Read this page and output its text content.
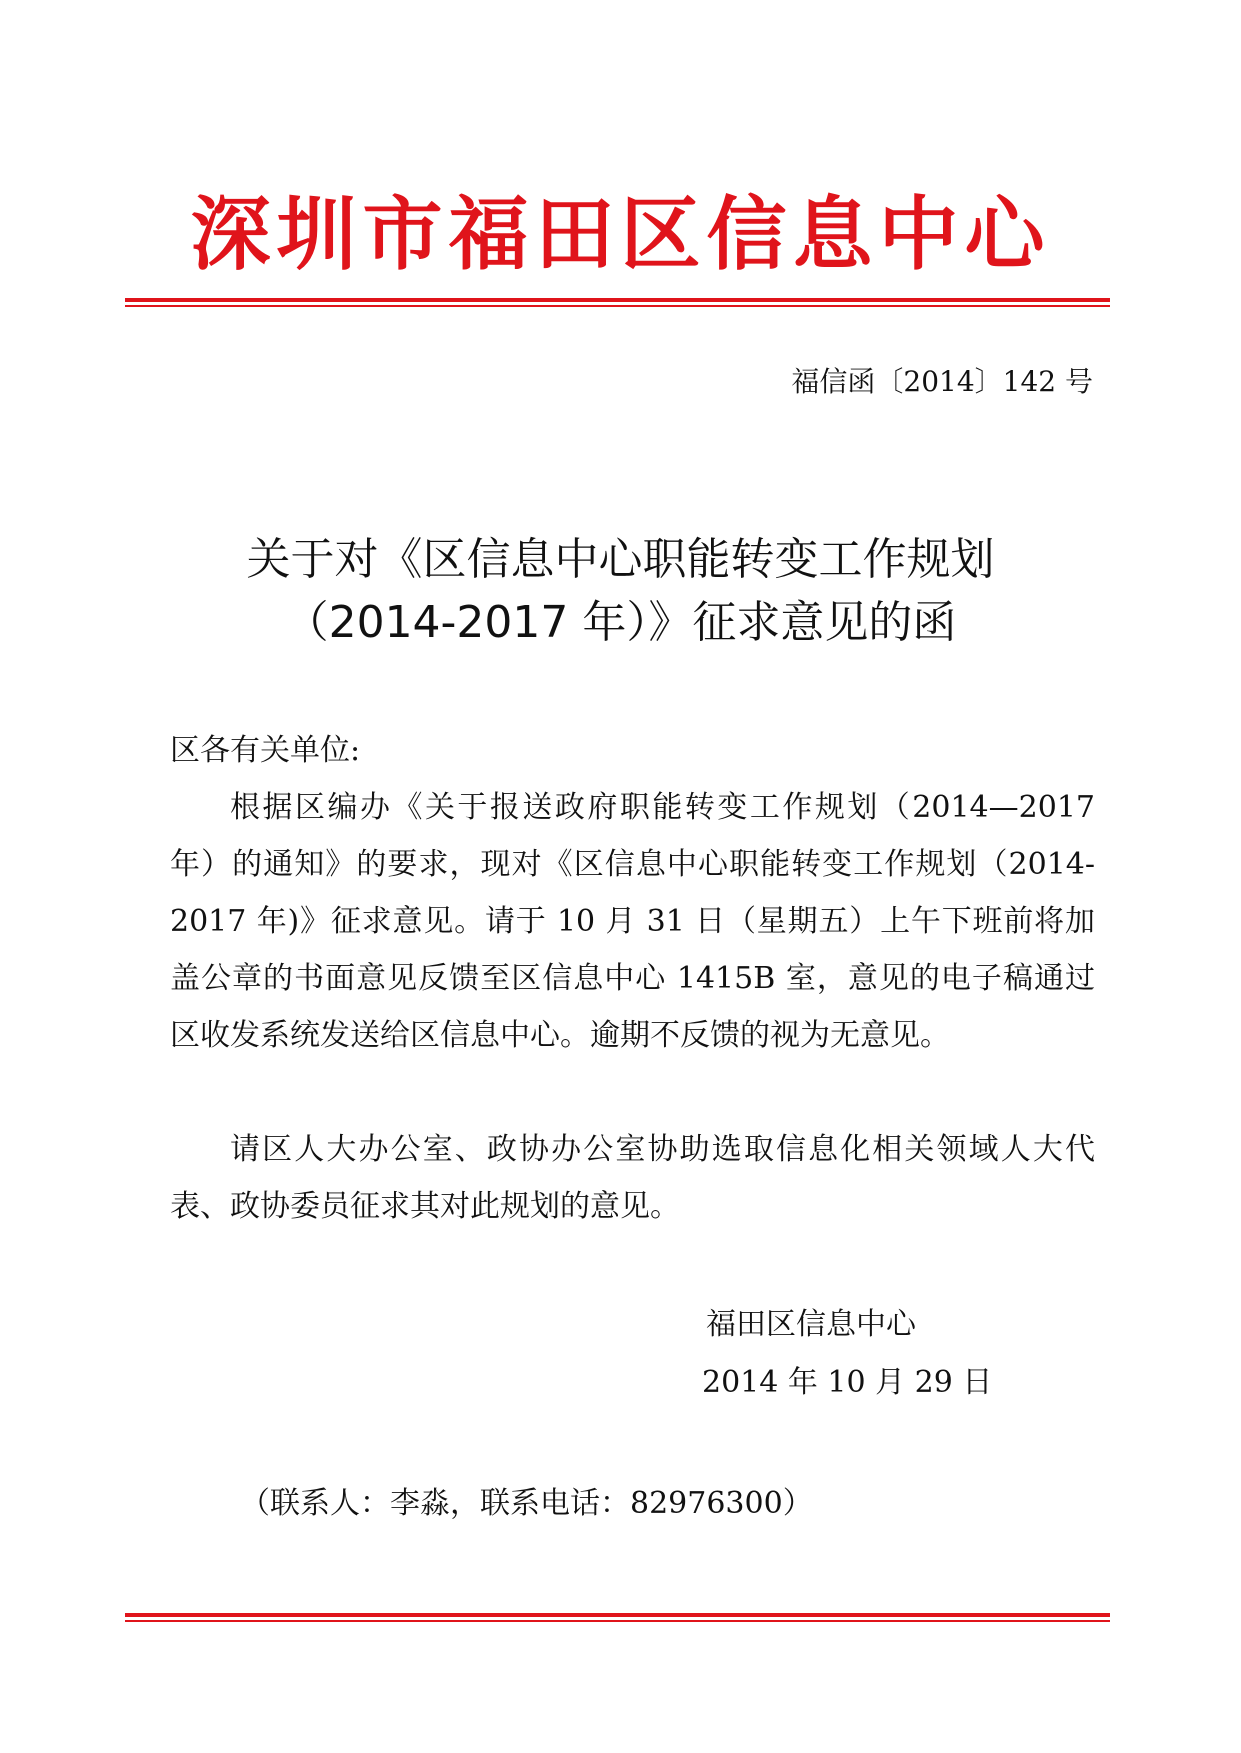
深圳市福田区信息中心
福信函〔2014〕142 号
关于对《区信息中心职能转变工作规划
（2014-2017 年）》征求意见的函
区各有关单位:
根据区编办《关于报送政府职能转变工作规划（2014—2017 年）的通知》的要求，现对《区信息中心职能转变工作规划（2014-2017 年)》征求意见。请于 10 月 31 日（星期五）上午下班前将加盖公章的书面意见反馈至区信息中心 1415B 室，意见的电子稿通过区收发系统发送给区信息中心。逾期不反馈的视为无意见。
请区人大办公室、政协办公室协助选取信息化相关领域人大代表、政协委员征求其对此规划的意见。
福田区信息中心
2014 年 10 月 29 日
（联系人：李淼，联系电话：82976300）
